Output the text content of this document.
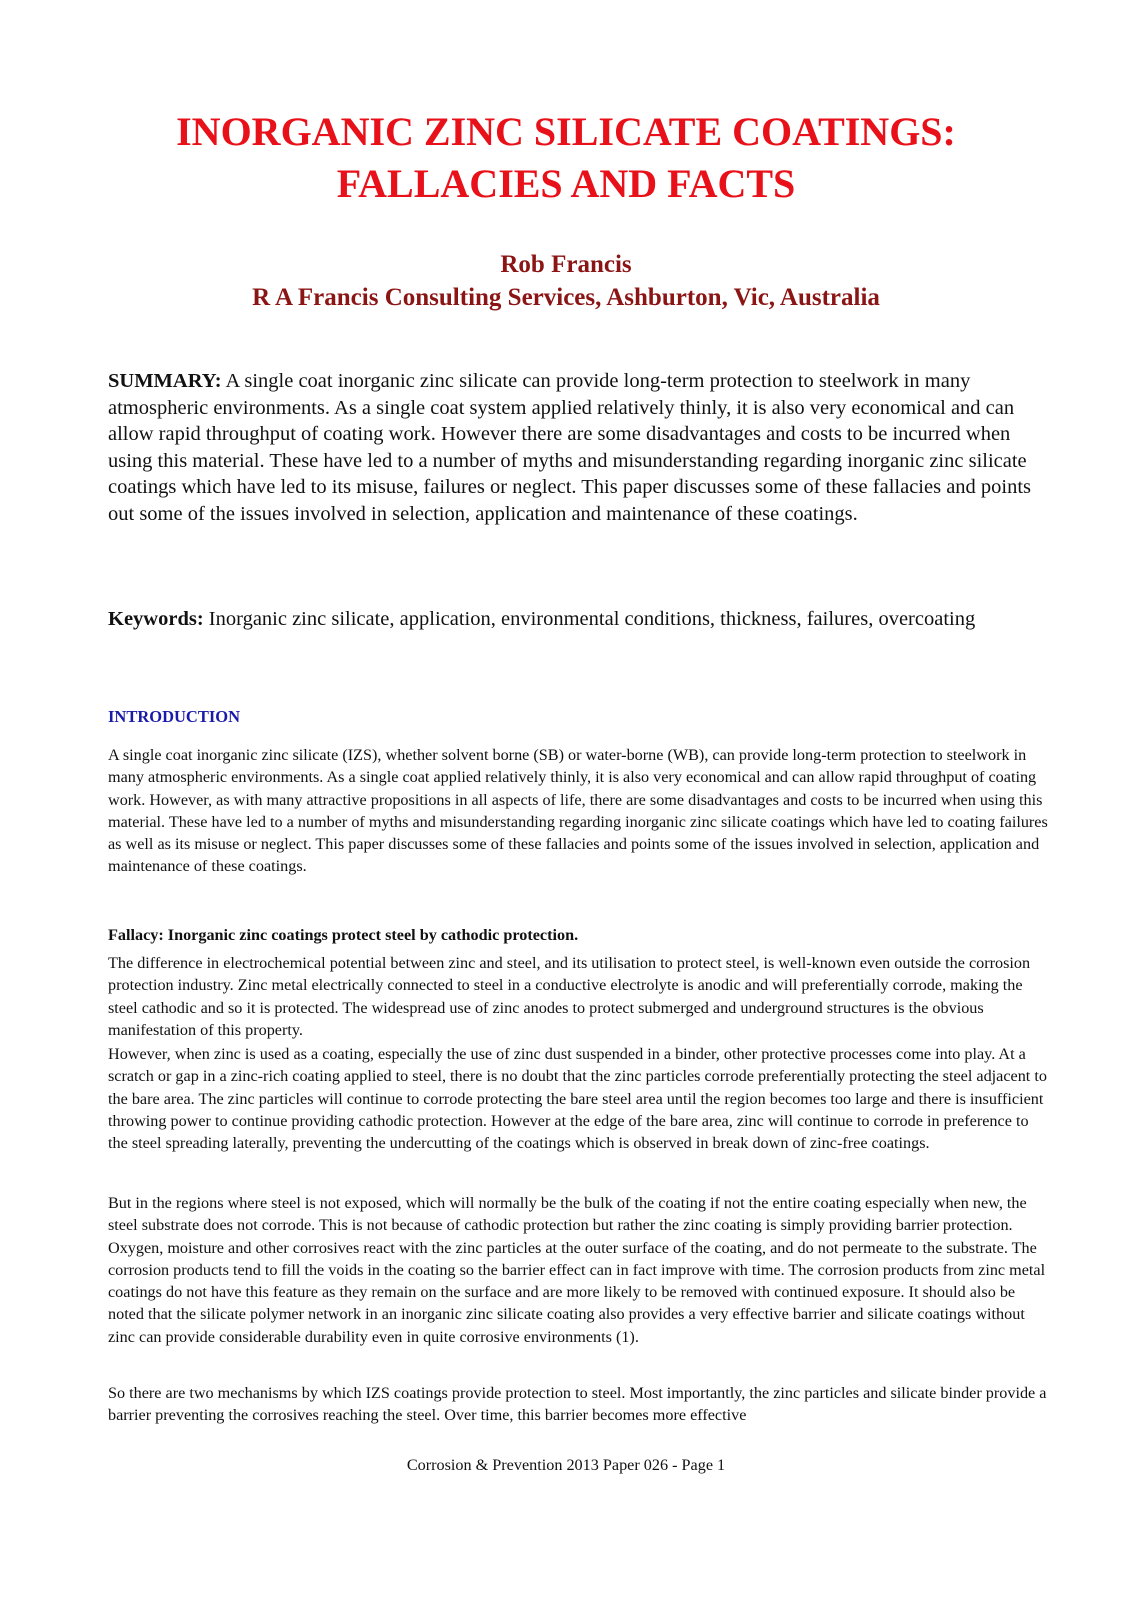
INORGANIC ZINC SILICATE COATINGS:
FALLACIES AND FACTS
Rob Francis
R A Francis Consulting Services, Ashburton, Vic, Australia

SUMMARY: A single coat inorganic zinc silicate can provide long-term protection to steelwork in many atmospheric environments. As a single coat system applied relatively thinly, it is also very economical and can allow rapid throughput of coating work. However there are some disadvantages and costs to be incurred when using this material. These have led to a number of myths and misunderstanding regarding inorganic zinc silicate coatings which have led to its misuse, failures or neglect. This paper discusses some of these fallacies and points out some of the issues involved in selection, application and maintenance of these coatings.

Keywords: Inorganic zinc silicate, application, environmental conditions, thickness, failures, overcoating

INTRODUCTION

A single coat inorganic zinc silicate (IZS), whether solvent borne (SB) or water-borne (WB), can provide long-term protection to steelwork in many atmospheric environments. As a single coat applied relatively thinly, it is also very economical and can allow rapid throughput of coating work. However, as with many attractive propositions in all aspects of life, there are some disadvantages and costs to be incurred when using this material. These have led to a number of myths and misunderstanding regarding inorganic zinc silicate coatings which have led to coating failures as well as its misuse or neglect. This paper discusses some of these fallacies and points some of the issues involved in selection, application and maintenance of these coatings.

Fallacy: Inorganic zinc coatings protect steel by cathodic protection.

The difference in electrochemical potential between zinc and steel, and its utilisation to protect steel, is well-known even outside the corrosion protection industry. Zinc metal electrically connected to steel in a conductive electrolyte is anodic and will preferentially corrode, making the steel cathodic and so it is protected. The widespread use of zinc anodes to protect submerged and underground structures is the obvious manifestation of this property.

However, when zinc is used as a coating, especially the use of zinc dust suspended in a binder, other protective processes come into play. At a scratch or gap in a zinc-rich coating applied to steel, there is no doubt that the zinc particles corrode preferentially protecting the steel adjacent to the bare area. The zinc particles will continue to corrode protecting the bare steel area until the region becomes too large and there is insufficient throwing power to continue providing cathodic protection. However at the edge of the bare area, zinc will continue to corrode in preference to the steel spreading laterally, preventing the undercutting of the coatings which is observed in break down of zinc-free coatings.

But in the regions where steel is not exposed, which will normally be the bulk of the coating if not the entire coating especially when new, the steel substrate does not corrode. This is not because of cathodic protection but rather the zinc coating is simply providing barrier protection. Oxygen, moisture and other corrosives react with the zinc particles at the outer surface of the coating, and do not permeate to the substrate. The corrosion products tend to fill the voids in the coating so the barrier effect can in fact improve with time. The corrosion products from zinc metal coatings do not have this feature as they remain on the surface and are more likely to be removed with continued exposure. It should also be noted that the silicate polymer network in an inorganic zinc silicate coating also provides a very effective barrier and silicate coatings without zinc can provide considerable durability even in quite corrosive environments (1).

So there are two mechanisms by which IZS coatings provide protection to steel. Most importantly, the zinc particles and silicate binder provide a barrier preventing the corrosives reaching the steel. Over time, this barrier becomes more effective

Corrosion & Prevention 2013 Paper 026 - Page 1
